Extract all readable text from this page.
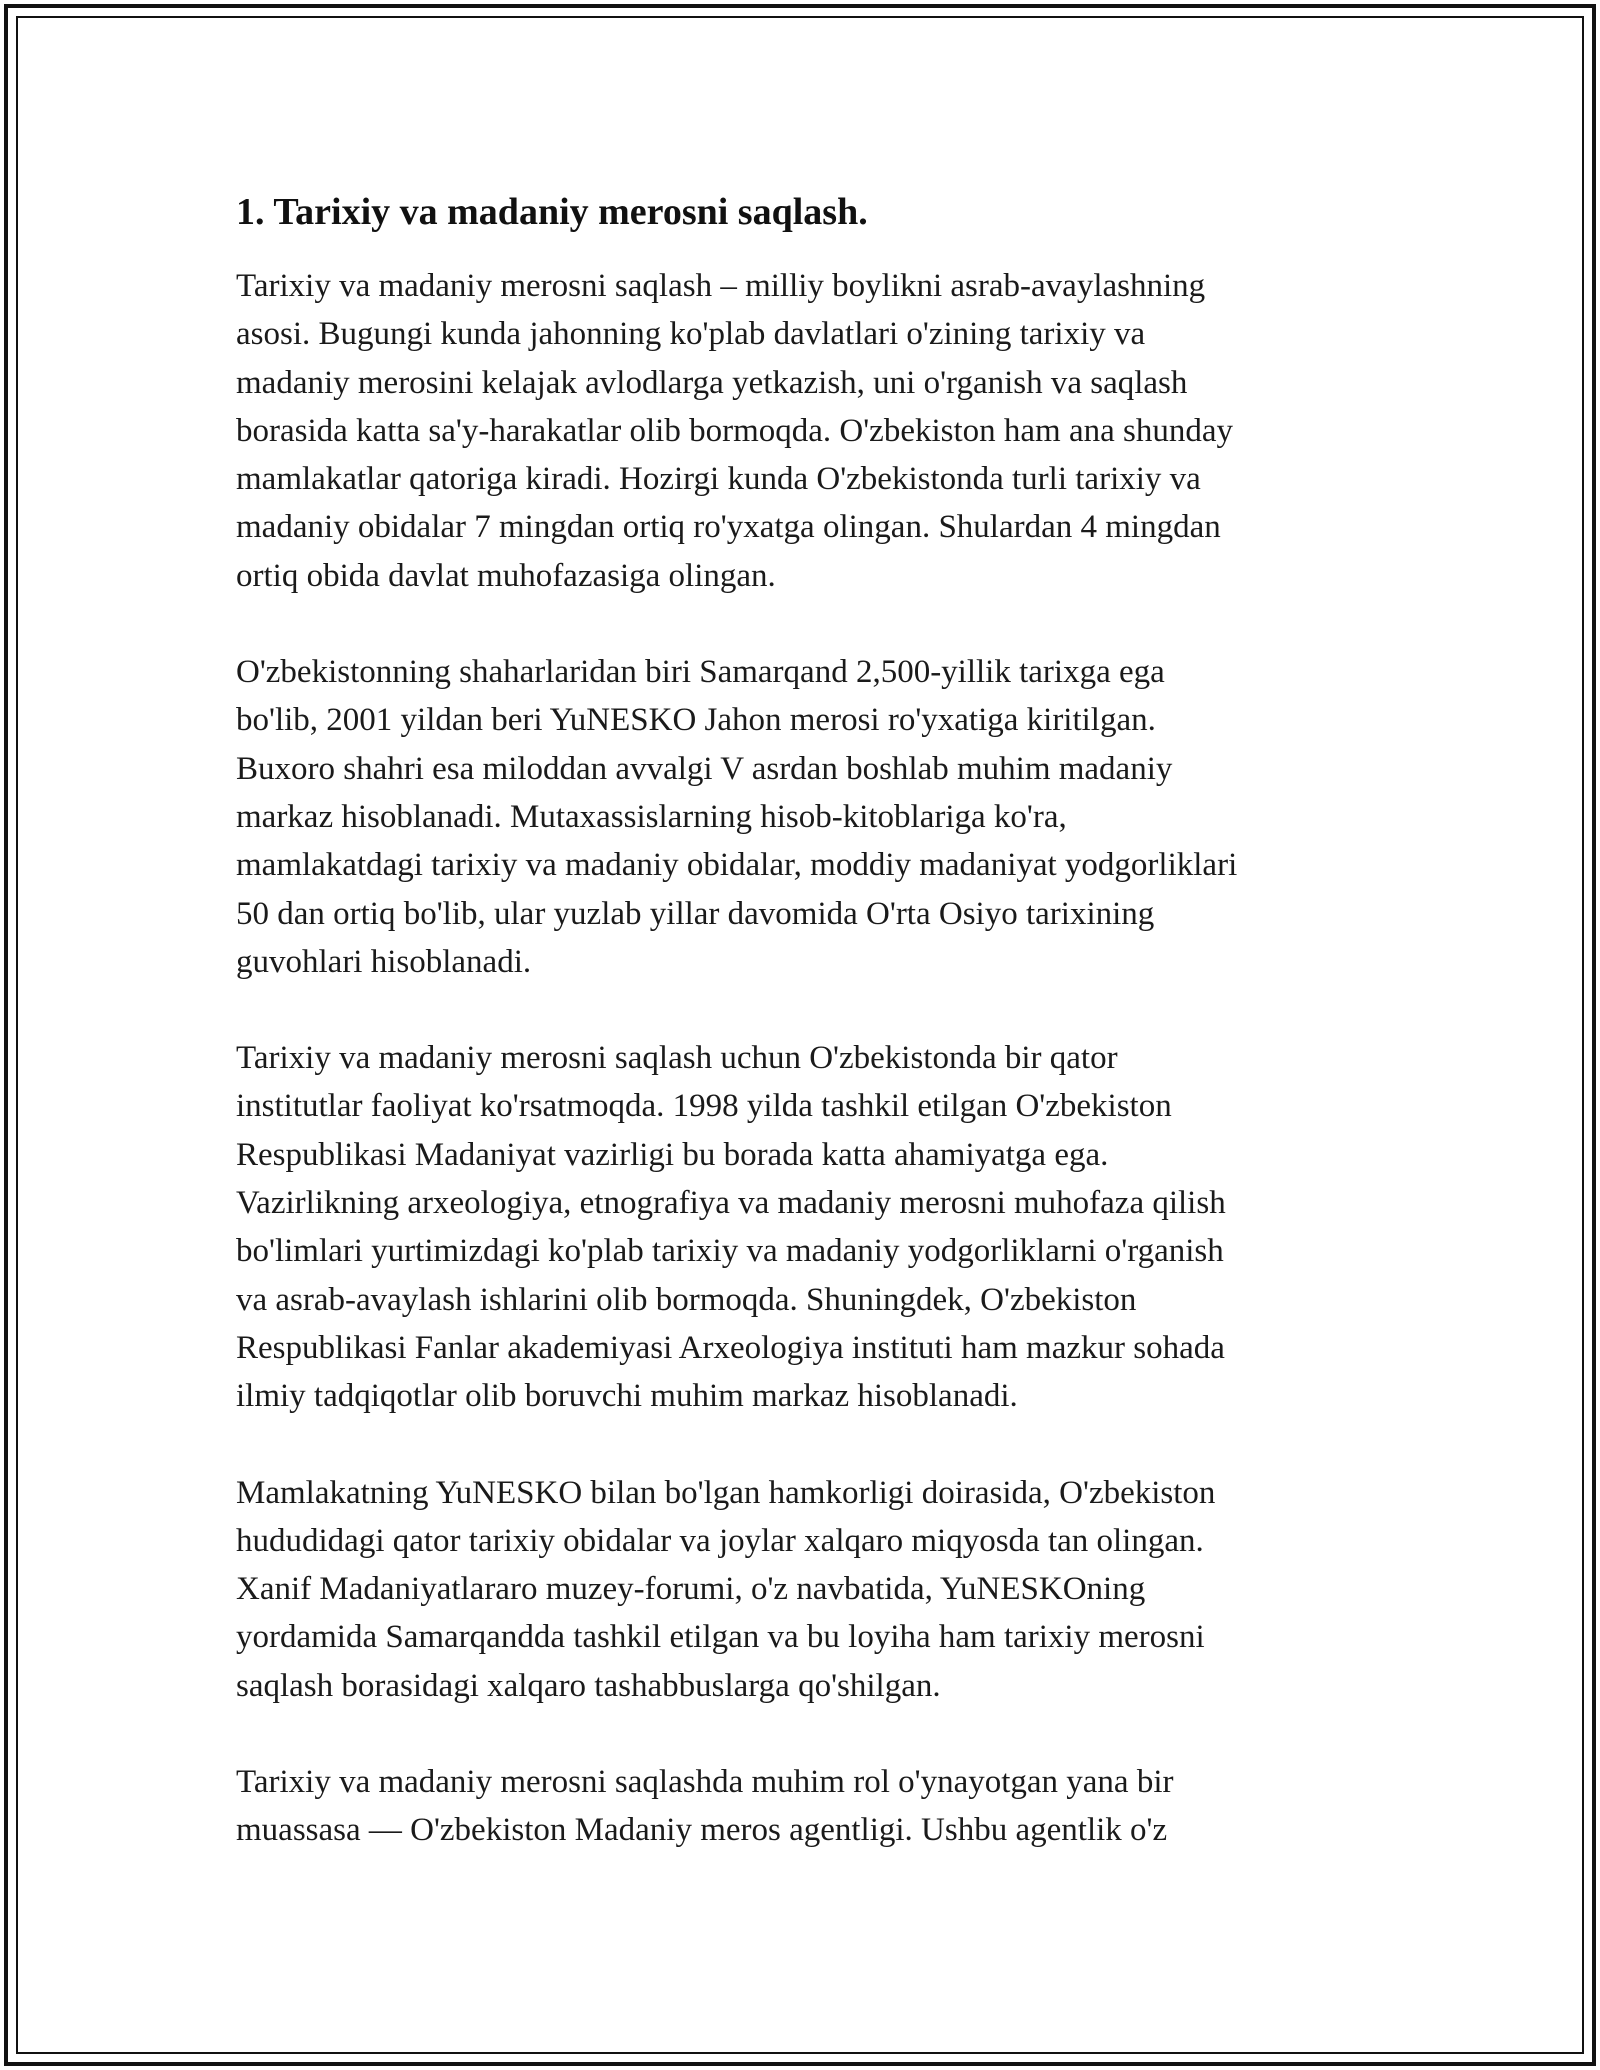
1. Tarixiy va madaniy merosni saqlash.

Tarixiy va madaniy merosni saqlash – milliy boylikni asrab-avaylashning
asosi. Bugungi kunda jahonning ko'plab davlatlari o'zining tarixiy va
madaniy merosini kelajak avlodlarga yetkazish, uni o'rganish va saqlash
borasida katta sa'y-harakatlar olib bormoqda. O'zbekiston ham ana shunday
mamlakatlar qatoriga kiradi. Hozirgi kunda O'zbekistonda turli tarixiy va
madaniy obidalar 7 mingdan ortiq ro'yxatga olingan. Shulardan 4 mingdan
ortiq obida davlat muhofazasiga olingan.

O'zbekistonning shaharlaridan biri Samarqand 2,500-yillik tarixga ega
bo'lib, 2001 yildan beri YuNESKO Jahon merosi ro'yxatiga kiritilgan.
Buxoro shahri esa miloddan avvalgi V asrdan boshlab muhim madaniy
markaz hisoblanadi. Mutaxassislarning hisob-kitoblariga ko'ra,
mamlakatdagi tarixiy va madaniy obidalar, moddiy madaniyat yodgorliklari
50 dan ortiq bo'lib, ular yuzlab yillar davomida O'rta Osiyo tarixining
guvohlari hisoblanadi.

Tarixiy va madaniy merosni saqlash uchun O'zbekistonda bir qator
institutlar faoliyat ko'rsatmoqda. 1998 yilda tashkil etilgan O'zbekiston
Respublikasi Madaniyat vazirligi bu borada katta ahamiyatga ega.
Vazirlikning arxeologiya, etnografiya va madaniy merosni muhofaza qilish
bo'limlari yurtimizdagi ko'plab tarixiy va madaniy yodgorliklarni o'rganish
va asrab-avaylash ishlarini olib bormoqda. Shuningdek, O'zbekiston
Respublikasi Fanlar akademiyasi Arxeologiya instituti ham mazkur sohada
ilmiy tadqiqotlar olib boruvchi muhim markaz hisoblanadi.

Mamlakatning YuNESKO bilan bo'lgan hamkorligi doirasida, O'zbekiston
hududidagi qator tarixiy obidalar va joylar xalqaro miqyosda tan olingan.
Xanif Madaniyatlararo muzey-forumi, o'z navbatida, YuNESKOning
yordamida Samarqandda tashkil etilgan va bu loyiha ham tarixiy merosni
saqlash borasidagi xalqaro tashabbuslarga qo'shilgan.

Tarixiy va madaniy merosni saqlashda muhim rol o'ynayotgan yana bir
muassasa — O'zbekiston Madaniy meros agentligi. Ushbu agentlik o'z
